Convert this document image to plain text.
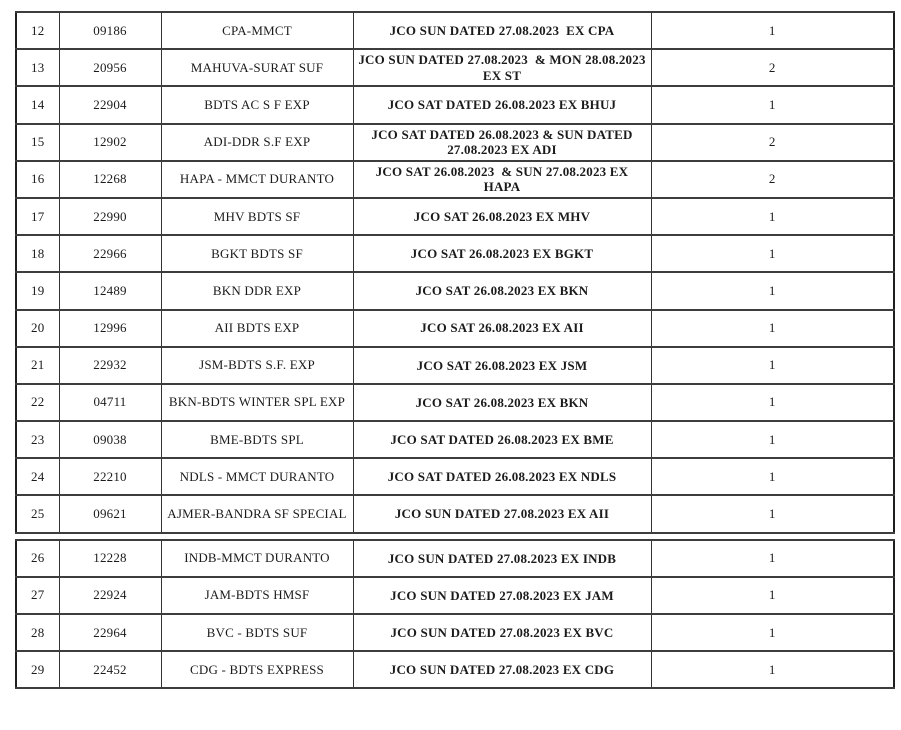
12	09186	CPA-MMCT	JCO SUN DATED 27.08.2023  EX CPA	1
13	20956	MAHUVA-SURAT SUF	JCO SUN DATED 27.08.2023  & MON 28.08.2023 EX ST	2
14	22904	BDTS AC S F EXP	JCO SAT DATED 26.08.2023 EX BHUJ	1
15	12902	ADI-DDR S.F EXP	JCO SAT DATED 26.08.2023 & SUN DATED 27.08.2023 EX ADI	2
16	12268	HAPA - MMCT DURANTO	JCO SAT 26.08.2023  & SUN 27.08.2023 EX HAPA	2
17	22990	MHV BDTS SF	JCO SAT 26.08.2023 EX MHV	1
18	22966	BGKT BDTS SF	JCO SAT 26.08.2023 EX BGKT	1
19	12489	BKN DDR EXP	JCO SAT 26.08.2023 EX BKN	1
20	12996	AII BDTS EXP	JCO SAT 26.08.2023 EX AII	1
21	22932	JSM-BDTS S.F. EXP	JCO SAT 26.08.2023 EX JSM	1
22	04711	BKN-BDTS WINTER SPL EXP	JCO SAT 26.08.2023 EX BKN	1
23	09038	BME-BDTS SPL	JCO SAT DATED 26.08.2023 EX BME	1
24	22210	NDLS - MMCT DURANTO	JCO SAT DATED 26.08.2023 EX NDLS	1
25	09621	AJMER-BANDRA SF SPECIAL	JCO SUN DATED 27.08.2023 EX AII	1
26	12228	INDB-MMCT DURANTO	JCO SUN DATED 27.08.2023 EX INDB	1
27	22924	JAM-BDTS HMSF	JCO SUN DATED 27.08.2023 EX JAM	1
28	22964	BVC - BDTS SUF	JCO SUN DATED 27.08.2023 EX BVC	1
29	22452	CDG - BDTS EXPRESS	JCO SUN DATED 27.08.2023 EX CDG	1
